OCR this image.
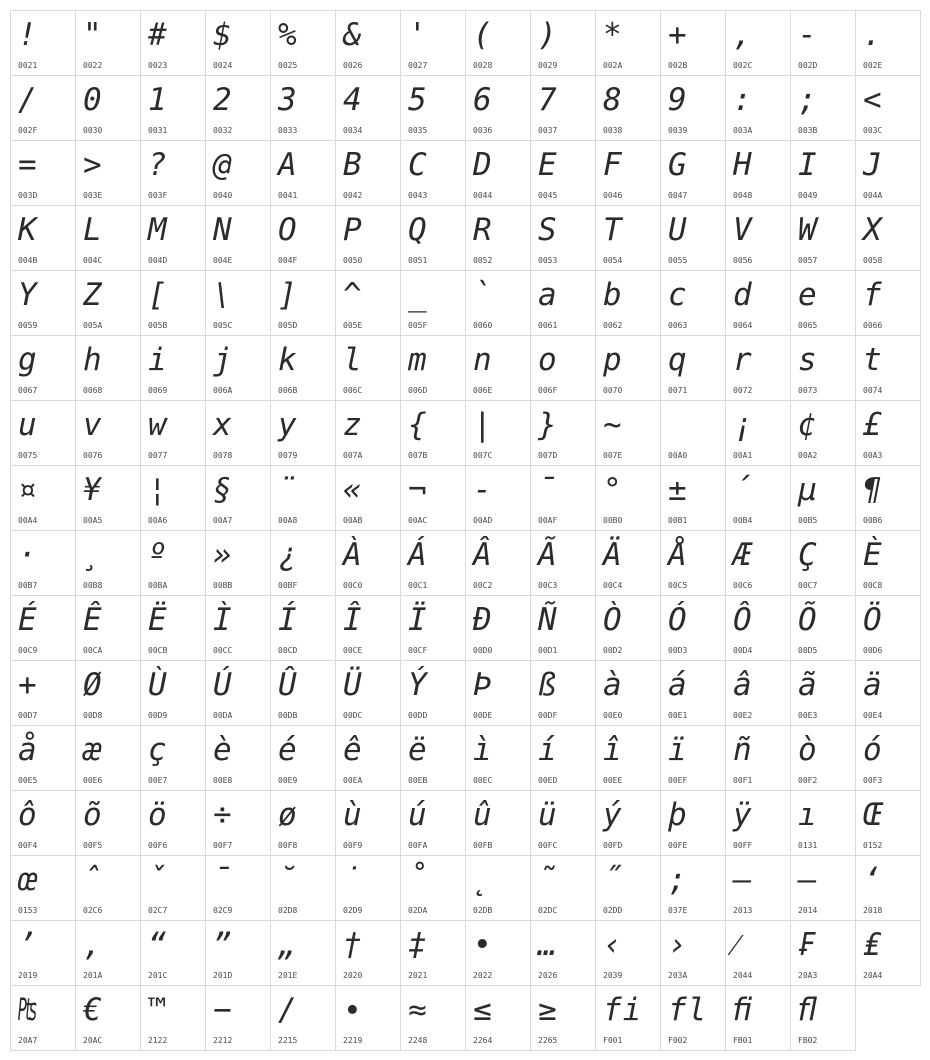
!
0021
"
0022
#
0023
$
0024
%
0025
&
0026
'
0027
(
0028
)
0029
*
002A
+
002B
,
002C
-
002D
.
002E
/
002F
0
0030
1
0031
2
0032
3
0033
4
0034
5
0035
6
0036
7
0037
8
0038
9
0039
:
003A
;
003B
<
003C
=
003D
>
003E
?
003F
@
0040
A
0041
B
0042
C
0043
D
0044
E
0045
F
0046
G
0047
H
0048
I
0049
J
004A
K
004B
L
004C
M
004D
N
004E
O
004F
P
0050
Q
0051
R
0052
S
0053
T
0054
U
0055
V
0056
W
0057
X
0058
Y
0059
Z
005A
[
005B
\
005C
]
005D
^
005E
_
005F
`
0060
a
0061
b
0062
c
0063
d
0064
e
0065
f
0066
g
0067
h
0068
i
0069
j
006A
k
006B
l
006C
m
006D
n
006E
o
006F
p
0070
q
0071
r
0072
s
0073
t
0074
u
0075
v
0076
w
0077
x
0078
y
0079
z
007A
{
007B
|
007C
}
007D
~
007E	00A0
¡
00A1
¢
00A2
£
00A3
¤
00A4
¥
00A5
¦
00A6
§
00A7
¨
00A8
«
00AB
¬
00AC
-
00AD
¯
00AF
°
00B0
±
00B1
´
00B4
µ
00B5
¶
00B6
·
00B7
¸
00B8
º
00BA
»
00BB
¿
00BF
À
00C0
Á
00C1
Â
00C2
Ã
00C3
Ä
00C4
Å
00C5
Æ
00C6
Ç
00C7
È
00C8
É
00C9
Ê
00CA
Ë
00CB
Ì
00CC
Í
00CD
Î
00CE
Ï
00CF
Ð
00D0
Ñ
00D1
Ò
00D2
Ó
00D3
Ô
00D4
Õ
00D5
Ö
00D6
+
00D7
Ø
00D8
Ù
00D9
Ú
00DA
Û
00DB
Ü
00DC
Ý
00DD
Þ
00DE
ß
00DF
à
00E0
á
00E1
â
00E2
ã
00E3
ä
00E4
å
00E5
æ
00E6
ç
00E7
è
00E8
é
00E9
ê
00EA
ë
00EB
ì
00EC
í
00ED
î
00EE
ï
00EF
ñ
00F1
ò
00F2
ó
00F3
ô
00F4
õ
00F5
ö
00F6
÷
00F7
ø
00F8
ù
00F9
ú
00FA
û
00FB
ü
00FC
ý
00FD
þ
00FE
ÿ
00FF
ı
0131
Œ
0152
œ
0153
ˆ
02C6
ˇ
02C7
ˉ
02C9
˘
02D8
˙
02D9
˚
02DA
˛
02DB
˜
02DC
˝
02DD
;
037E
–
2013
—
2014
‘
2018
’
2019
‚
201A
“
201C
”
201D
„
201E
†
2020
‡
2021
•
2022
…
2026
‹
2039
›
203A
⁄
2044
₣
20A3
₤
20A4
₧
20A7
€
20AC
™
2122
−
2212
∕
2215
∙
2219
≈
2248
≤
2264
≥
2265
fi
F001
fl
F002
ﬁ
FB01
ﬂ
FB02
